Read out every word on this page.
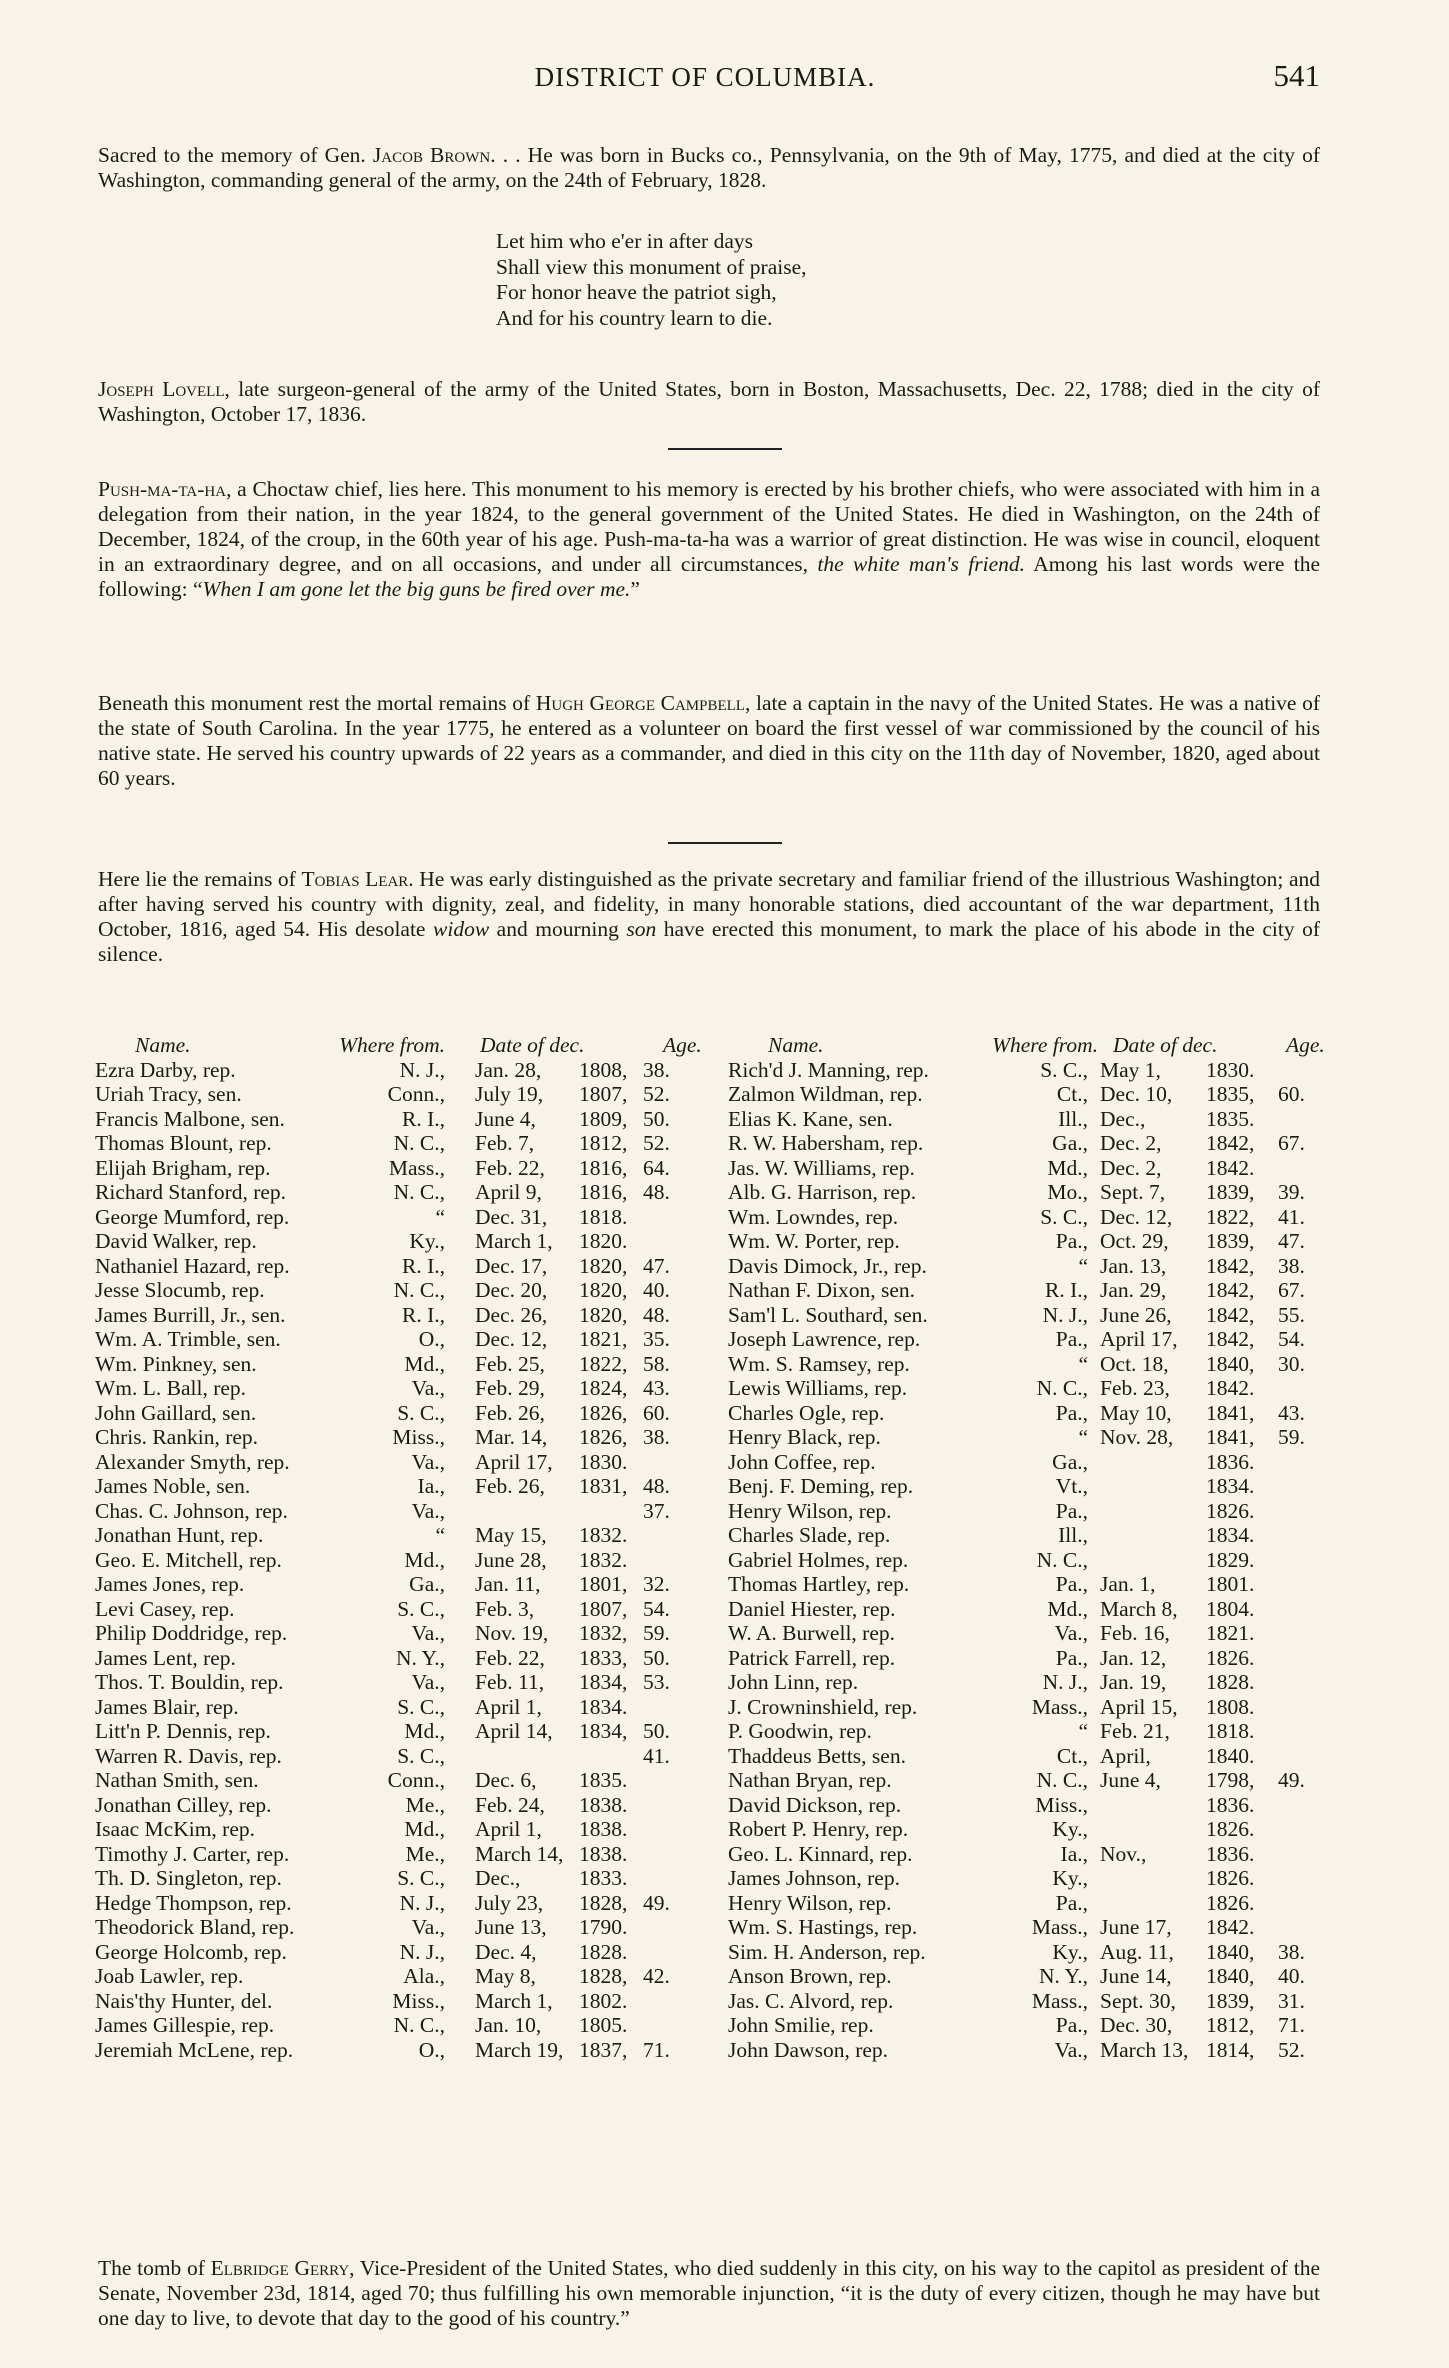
DISTRICT OF COLUMBIA.	541

Sacred to the memory of Gen. Jacob Brown. . . He was born in Bucks co., Pennsylvania, on the 9th of May, 1775, and died at the city of Washington, commanding general of the army, on the 24th of February, 1828.

Let him who e'er in after days
Shall view this monument of praise,
For honor heave the patriot sigh,
And for his country learn to die.

Joseph Lovell, late surgeon-general of the army of the United States, born in Boston, Massachusetts, Dec. 22, 1788; died in the city of Washington, October 17, 1836.

Push-ma-ta-ha, a Choctaw chief, lies here. This monument to his memory is erected by his brother chiefs, who were associated with him in a delegation from their nation, in the year 1824, to the general government of the United States. He died in Washington, on the 24th of December, 1824, of the croup, in the 60th year of his age. Push-ma-ta-ha was a warrior of great distinction. He was wise in council, eloquent in an extraordinary degree, and on all occasions, and under all circumstances, the white man's friend. Among his last words were the following: “When I am gone let the big guns be fired over me.”

Beneath this monument rest the mortal remains of Hugh George Campbell, late a captain in the navy of the United States. He was a native of the state of South Carolina. In the year 1775, he entered as a volunteer on board the first vessel of war commissioned by the council of his native state. He served his country upwards of 22 years as a commander, and died in this city on the 11th day of November, 1820, aged about 60 years.

Here lie the remains of Tobias Lear. He was early distinguished as the private secretary and familiar friend of the illustrious Washington; and after having served his country with dignity, zeal, and fidelity, in many honorable stations, died accountant of the war department, 11th October, 1816, aged 54. His desolate widow and mourning son have erected this monument, to mark the place of his abode in the city of silence.

Name.	Where from. Date of dec.	Age.
Ezra Darby, rep.	N. J., Jan. 28, 1808, 38.
Uriah Tracy, sen.	Conn., July 19, 1807, 52.
Francis Malbone, sen.	R. I., June 4, 1809, 50.
Thomas Blount, rep.	N. C., Feb. 7, 1812, 52.
Elijah Brigham, rep.	Mass., Feb. 22, 1816, 64.
Richard Stanford, rep.	N. C., April 9, 1816, 48.
George Mumford, rep.	“ Dec. 31, 1818.
David Walker, rep.	Ky., March 1, 1820.
Nathaniel Hazard, rep.	R. I., Dec. 17, 1820, 47.
Jesse Slocumb, rep.	N. C., Dec. 20, 1820, 40.
James Burrill, Jr., sen.	R. I., Dec. 26, 1820, 48.
Wm. A. Trimble, sen.	O., Dec. 12, 1821, 35.
Wm. Pinkney, sen.	Md., Feb. 25, 1822, 58.
Wm. L. Ball, rep.	Va., Feb. 29, 1824, 43.
John Gaillard, sen.	S. C., Feb. 26, 1826, 60.
Chris. Rankin, rep.	Miss., Mar. 14, 1826, 38.
Alexander Smyth, rep.	Va., April 17, 1830.
James Noble, sen.	Ia., Feb. 26, 1831, 48.
Chas. C. Johnson, rep.	Va.,	37.
Jonathan Hunt, rep.	“ May 15, 1832.
Geo. E. Mitchell, rep.	Md., June 28, 1832.
James Jones, rep.	Ga., Jan. 11, 1801, 32.
Levi Casey, rep.	S. C., Feb. 3, 1807, 54.
Philip Doddridge, rep.	Va., Nov. 19, 1832, 59.
James Lent, rep.	N. Y., Feb. 22, 1833, 50.
Thos. T. Bouldin, rep.	Va., Feb. 11, 1834, 53.
James Blair, rep.	S. C., April 1, 1834.
Litt'n P. Dennis, rep.	Md., April 14, 1834, 50.
Warren R. Davis, rep.	S. C.,	41.
Nathan Smith, sen.	Conn., Dec. 6, 1835.
Jonathan Cilley, rep.	Me., Feb. 24, 1838.
Isaac McKim, rep.	Md., April 1, 1838.
Timothy J. Carter, rep.	Me., March 14, 1838.
Th. D. Singleton, rep.	S. C., Dec.,	1833.
Hedge Thompson, rep.	N. J., July 23, 1828, 49.
Theodorick Bland, rep.	Va., June 13, 1790.
George Holcomb, rep.	N. J., Dec. 4, 1828.
Joab Lawler, rep.	Ala., May 8, 1828, 42.
Nais'thy Hunter, del.	Miss., March 1, 1802.
James Gillespie, rep.	N. C., Jan. 10, 1805.
Jeremiah McLene, rep.	O., March 19, 1837, 71.
Name.	Where from. Date of dec.	Age.
Rich'd J. Manning, rep.	S. C., May 1, 1830.
Zalmon Wildman, rep.	Ct., Dec. 10, 1835, 60.
Elias K. Kane, sen.	Ill., Dec.,	1835.
R. W. Habersham, rep.	Ga., Dec. 2, 1842, 67.
Jas. W. Williams, rep.	Md., Dec. 2, 1842.
Alb. G. Harrison, rep.	Mo., Sept. 7, 1839, 39.
Wm. Lowndes, rep.	S. C., Dec. 12, 1822, 41.
Wm. W. Porter, rep.	Pa., Oct. 29, 1839, 47.
Davis Dimock, Jr., rep.	“ Jan. 13, 1842, 38.
Nathan F. Dixon, sen.	R. I., Jan. 29, 1842, 67.
Sam'l L. Southard, sen.	N. J., June 26, 1842, 55.
Joseph Lawrence, rep.	Pa., April 17, 1842, 54.
Wm. S. Ramsey, rep.	“ Oct. 18, 1840, 30.
Lewis Williams, rep.	N. C., Feb. 23, 1842.
Charles Ogle, rep.	Pa., May 10, 1841, 43.
Henry Black, rep.	“ Nov. 28, 1841, 59.
John Coffee, rep.	Ga.,	1836.
Benj. F. Deming, rep.	Vt.,	1834.
Henry Wilson, rep.	Pa.,	1826.
Charles Slade, rep.	Ill.,	1834.
Gabriel Holmes, rep.	N. C.,	1829.
Thomas Hartley, rep.	Pa., Jan. 1, 1801.
Daniel Hiester, rep.	Md., March 8, 1804.
W. A. Burwell, rep.	Va., Feb. 16, 1821.
Patrick Farrell, rep.	Pa., Jan. 12, 1826.
John Linn, rep.	N. J., Jan. 19, 1828.
J. Crowninshield, rep.	Mass., April 15, 1808.
P. Goodwin, rep.	“ Feb. 21, 1818.
Thaddeus Betts, sen.	Ct., April,	1840.
Nathan Bryan, rep.	N. C., June 4, 1798, 49.
David Dickson, rep.	Miss.,	1836.
Robert P. Henry, rep.	Ky.,	1826.
Geo. L. Kinnard, rep.	Ia., Nov.,	1836.
James Johnson, rep.	Ky.,	1826.
Henry Wilson, rep.	Pa.,	1826.
Wm. S. Hastings, rep.	Mass., June 17, 1842.
Sim. H. Anderson, rep.	Ky., Aug. 11, 1840, 38.
Anson Brown, rep.	N. Y., June 14, 1840, 40.
Jas. C. Alvord, rep.	Mass., Sept. 30, 1839, 31.
John Smilie, rep.	Pa., Dec. 30, 1812, 71.
John Dawson, rep.	Va., March 13, 1814, 52.

The tomb of Elbridge Gerry, Vice-President of the United States, who died suddenly in this city, on his way to the capitol as president of the Senate, November 23d, 1814, aged 70; thus fulfilling his own memorable injunction, “it is the duty of every citizen, though he may have but one day to live, to devote that day to the good of his country.”
